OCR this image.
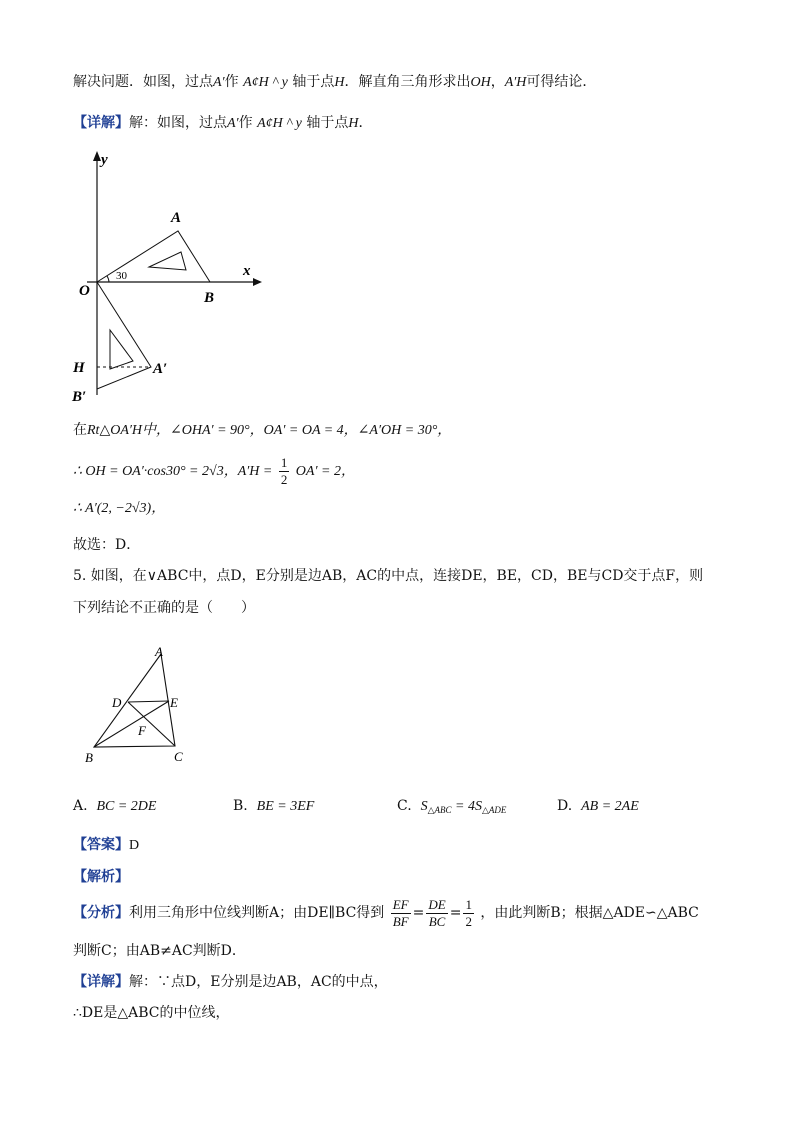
解决问题．如图，过点A′作 A¢H ^ y 轴于点H．解直角三角形求出OH，A′H可得结论．
【详解】解：如图，过点A′作 A¢H ^ y 轴于点H．
y
x
O
A
B
30
H	A′
B′
在Rt△OA′H中，∠OHA′ = 90°，OA′ = OA = 4，∠A′OH = 30°，
∴ OH = OA′·cos30° = 2√3，$A'H = \frac{1}{2} OA' = 2$，
∴ A′(2, −2√3)，
故选：D．
5. 如图，在∨ABC中，点D，E分别是边AB，AC的中点，连接DE，BE，CD，BE与CD交于点F，则
下列结论不正确的是（　　）
A
B	C
D	E
F
A. BC = 2DE	B. BE = 3EF	C. $S_{\triangle ABC} = 4S_{\triangle ADE}$	D. AB = 2AE
【答案】D
【解析】
【分析】利用三角形中位线判断A；由DE∥BC得到 $\frac{EF}{BF} = \frac{DE}{BC} = \frac{1}{2}$ ，由此判断B；根据△ADE∽△ABC
判断C；由AB≠AC判断D．
【详解】解：∵点D，E分别是边AB，AC的中点，
∴DE是△ABC的中位线，
